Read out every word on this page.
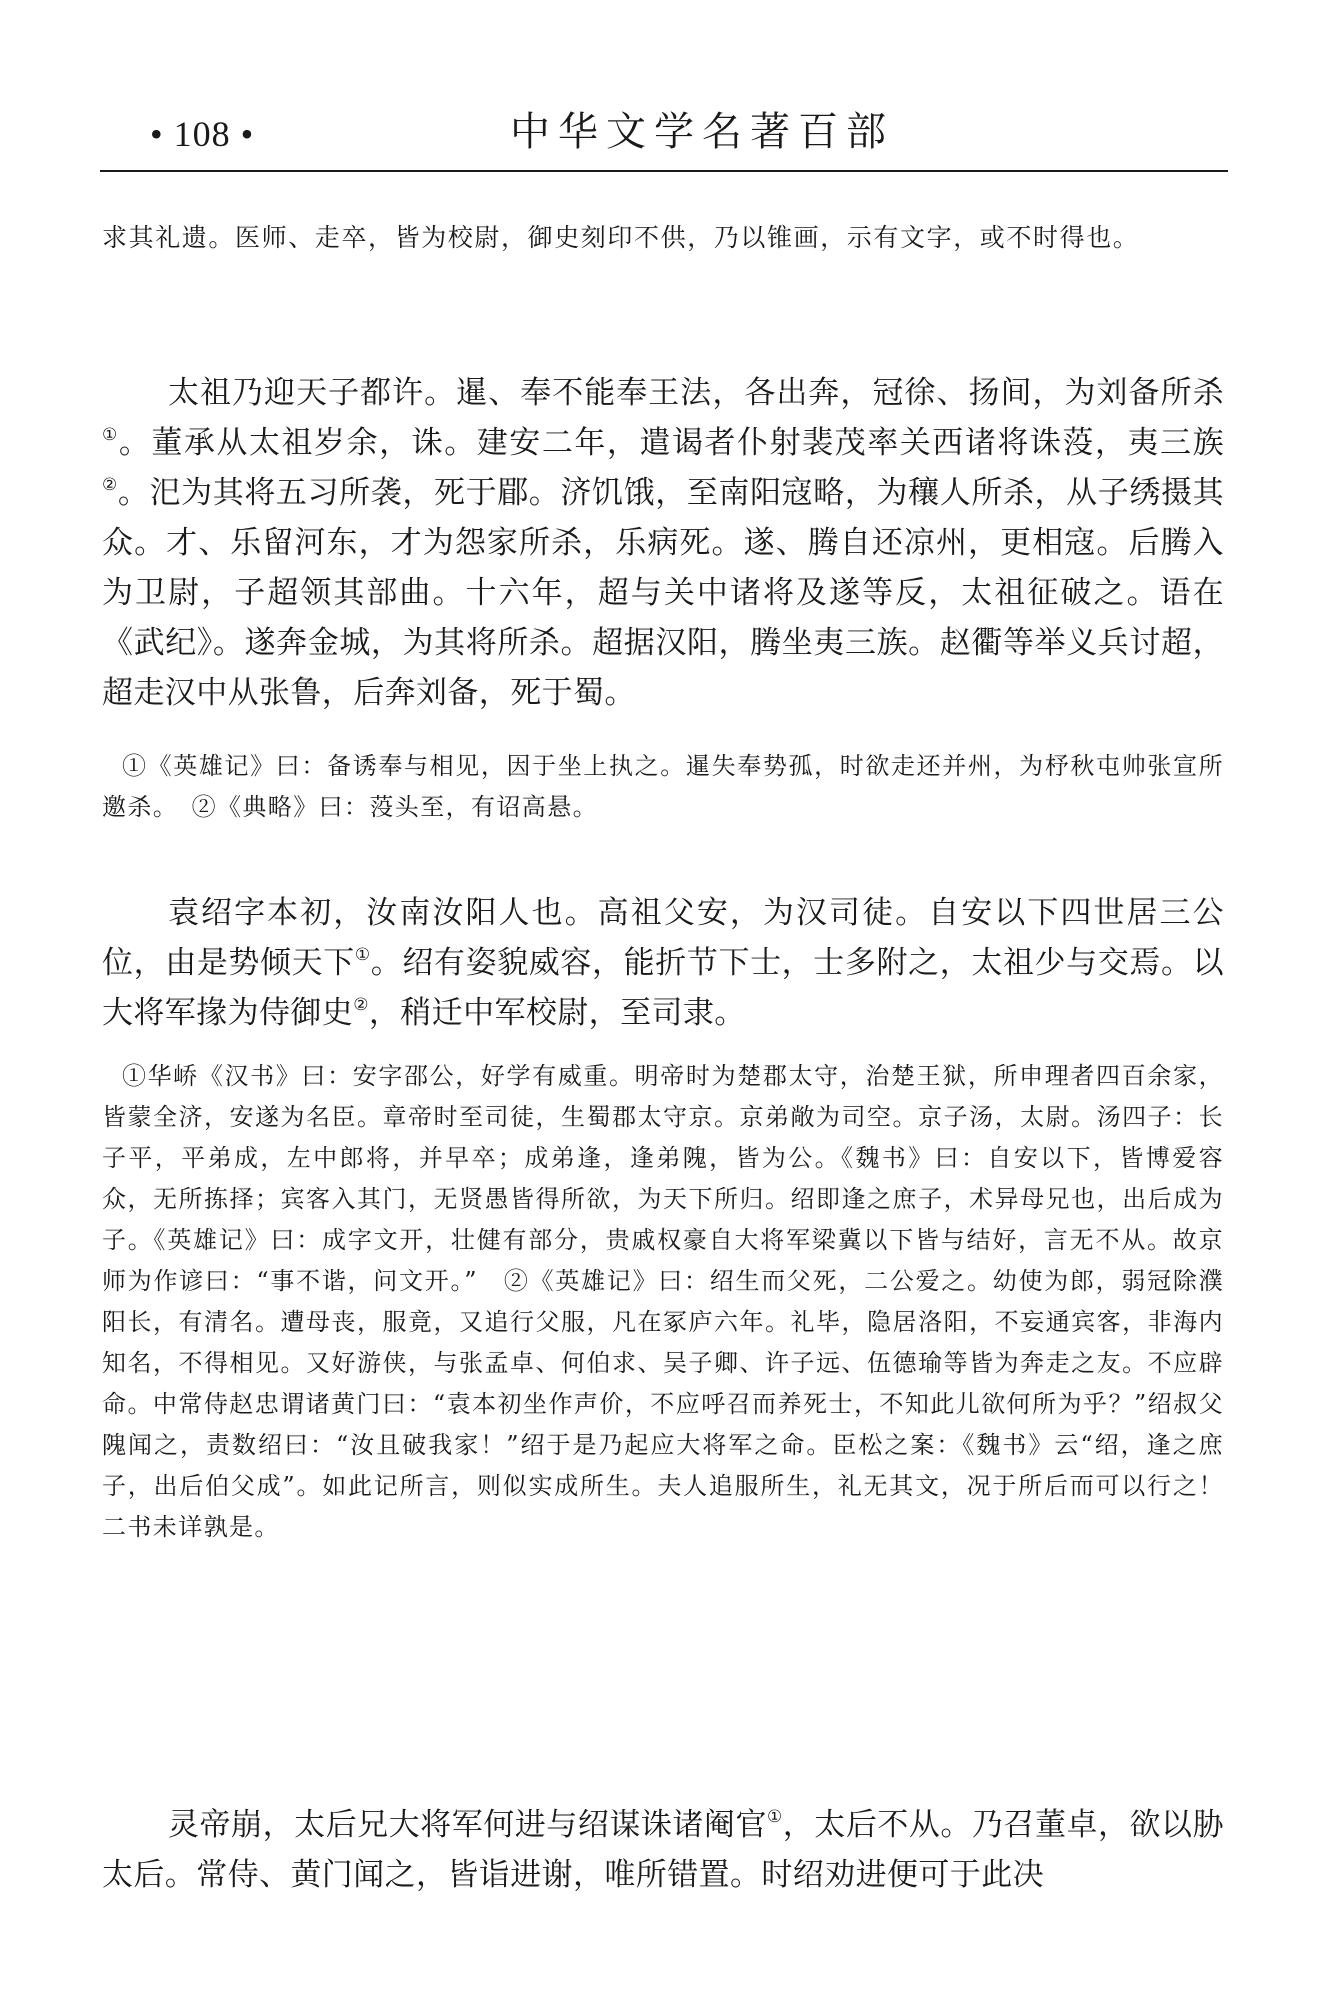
• 108 •	中华文学名著百部

求其礼遗。医师、走卒，皆为校尉，御史刻印不供，乃以锥画，示有文字，或不时得也。

太祖乃迎天子都许。暹、奉不能奉王法，各出奔，冠徐、扬间，为刘备所杀①。董承从太祖岁余，诛。建安二年，遣谒者仆射裴茂率关西诸将诛莈，夷三族②。汜为其将五习所袭，死于郿。济饥饿，至南阳寇略，为穰人所杀，从子绣摄其众。才、乐留河东，才为怨家所杀，乐病死。遂、腾自还凉州，更相寇。后腾入为卫尉，子超领其部曲。十六年，超与关中诸将及遂等反，太祖征破之。语在《武纪》。遂奔金城，为其将所杀。超据汉阳，腾坐夷三族。赵衢等举义兵讨超，超走汉中从张鲁，后奔刘备，死于蜀。

①《英雄记》曰：备诱奉与相见，因于坐上执之。暹失奉势孤，时欲走还并州，为杼秋屯帅张宣所邀杀。　②《典略》曰：莈头至，有诏高悬。

袁绍字本初，汝南汝阳人也。高祖父安，为汉司徒。自安以下四世居三公位，由是势倾天下①。绍有姿貌威容，能折节下士，士多附之，太祖少与交焉。以大将军掾为侍御史②，稍迁中军校尉，至司隶。

①华峤《汉书》曰：安字邵公，好学有威重。明帝时为楚郡太守，治楚王狱，所申理者四百余家，皆蒙全济，安遂为名臣。章帝时至司徒，生蜀郡太守京。京弟敞为司空。京子汤，太尉。汤四子：长子平，平弟成，左中郎将，并早卒；成弟逢，逢弟隗，皆为公。《魏书》曰：自安以下，皆博爱容众，无所拣择；宾客入其门，无贤愚皆得所欲，为天下所归。绍即逢之庶子，术异母兄也，出后成为子。《英雄记》曰：成字文开，壮健有部分，贵戚权豪自大将军梁冀以下皆与结好，言无不从。故京师为作谚曰：“事不谐，问文开。”　②《英雄记》曰：绍生而父死，二公爱之。幼使为郎，弱冠除濮阳长，有清名。遭母丧，服竟，又追行父服，凡在冢庐六年。礼毕，隐居洛阳，不妄通宾客，非海内知名，不得相见。又好游侠，与张孟卓、何伯求、吴子卿、许子远、伍德瑜等皆为奔走之友。不应辟命。中常侍赵忠谓诸黄门曰：“袁本初坐作声价，不应呼召而养死士，不知此儿欲何所为乎？”绍叔父隗闻之，责数绍曰：“汝且破我家！”绍于是乃起应大将军之命。臣松之案：《魏书》云“绍，逢之庶子，出后伯父成”。如此记所言，则似实成所生。夫人追服所生，礼无其文，况于所后而可以行之！二书未详孰是。

灵帝崩，太后兄大将军何进与绍谋诛诸阉官①，太后不从。乃召董卓，欲以胁太后。常侍、黄门闻之，皆诣进谢，唯所错置。时绍劝进便可于此决
